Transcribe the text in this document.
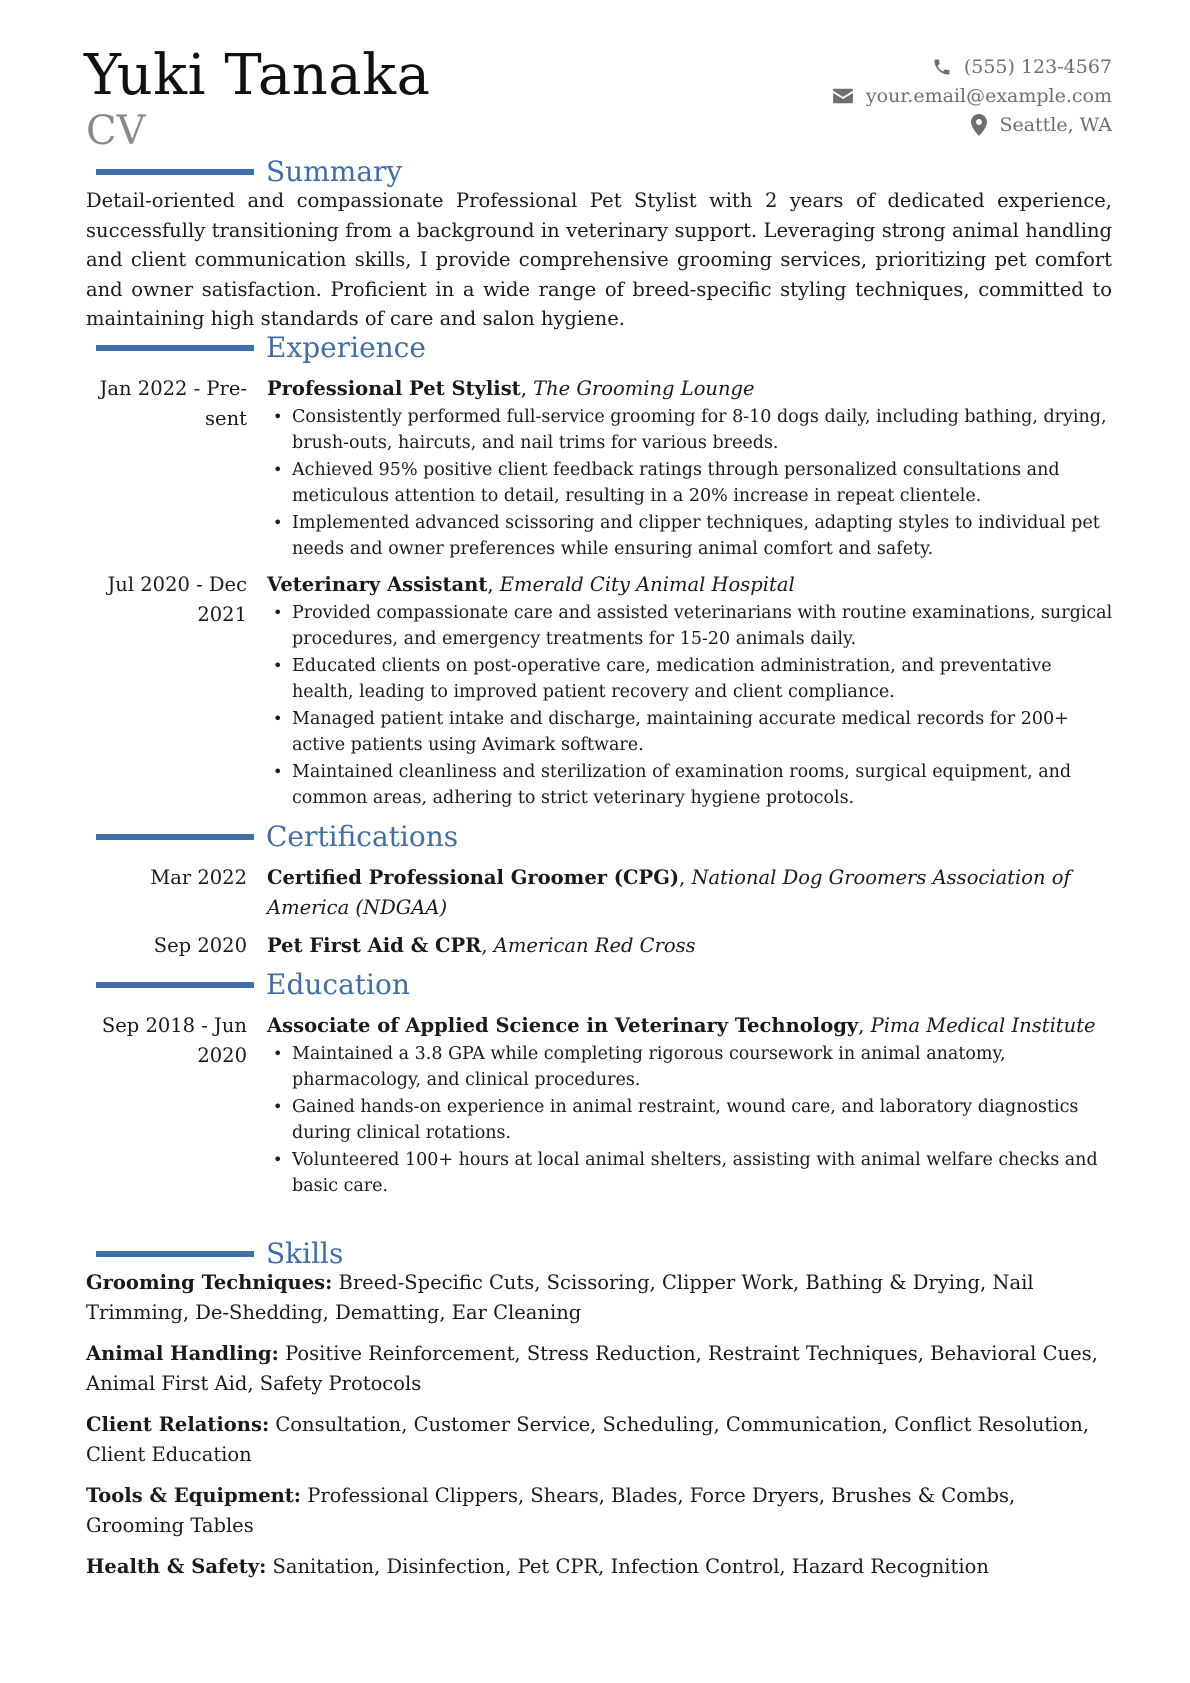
Yuki Tanaka
CV
(555) 123-4567
your.email@example.com
Seattle, WA
Summary
Detail-oriented and compassionate Professional Pet Stylist with 2 years of dedicated experience, successfully transitioning from a background in veterinary support. Leveraging strong animal handling and client communication skills, I provide comprehensive grooming services, prioritizing pet comfort and owner satisfaction. Proficient in a wide range of breed-specific styling techniques, committed to maintaining high standards of care and salon hygiene.
Experience
Jan 2022 - Pre-
sent
Professional Pet Stylist, The Grooming Lounge
• Consistently performed full-service grooming for 8-10 dogs daily, including bathing, drying, brush-outs, haircuts, and nail trims for various breeds.
• Achieved 95% positive client feedback ratings through personalized consultations and meticulous attention to detail, resulting in a 20% increase in repeat clientele.
• Implemented advanced scissoring and clipper techniques, adapting styles to individual pet needs and owner preferences while ensuring animal comfort and safety.
Jul 2020 - Dec
2021
Veterinary Assistant, Emerald City Animal Hospital
• Provided compassionate care and assisted veterinarians with routine examinations, surgical procedures, and emergency treatments for 15-20 animals daily.
• Educated clients on post-operative care, medication administration, and preventative health, leading to improved patient recovery and client compliance.
• Managed patient intake and discharge, maintaining accurate medical records for 200+ active patients using Avimark software.
• Maintained cleanliness and sterilization of examination rooms, surgical equipment, and common areas, adhering to strict veterinary hygiene protocols.
Certifications
Mar 2022 Certified Professional Groomer (CPG), National Dog Groomers Association of America (NDGAA)
Sep 2020 Pet First Aid & CPR, American Red Cross
Education
Sep 2018 - Jun
2020
Associate of Applied Science in Veterinary Technology, Pima Medical Institute
• Maintained a 3.8 GPA while completing rigorous coursework in animal anatomy, pharmacology, and clinical procedures.
• Gained hands-on experience in animal restraint, wound care, and laboratory diagnostics during clinical rotations.
• Volunteered 100+ hours at local animal shelters, assisting with animal welfare checks and basic care.
Skills
Grooming Techniques: Breed-Specific Cuts, Scissoring, Clipper Work, Bathing & Drying, Nail Trimming, De-Shedding, Dematting, Ear Cleaning
Animal Handling: Positive Reinforcement, Stress Reduction, Restraint Techniques, Behavioral Cues, Animal First Aid, Safety Protocols
Client Relations: Consultation, Customer Service, Scheduling, Communication, Conflict Resolution, Client Education
Tools & Equipment: Professional Clippers, Shears, Blades, Force Dryers, Brushes & Combs, Grooming Tables
Health & Safety: Sanitation, Disinfection, Pet CPR, Infection Control, Hazard Recognition
